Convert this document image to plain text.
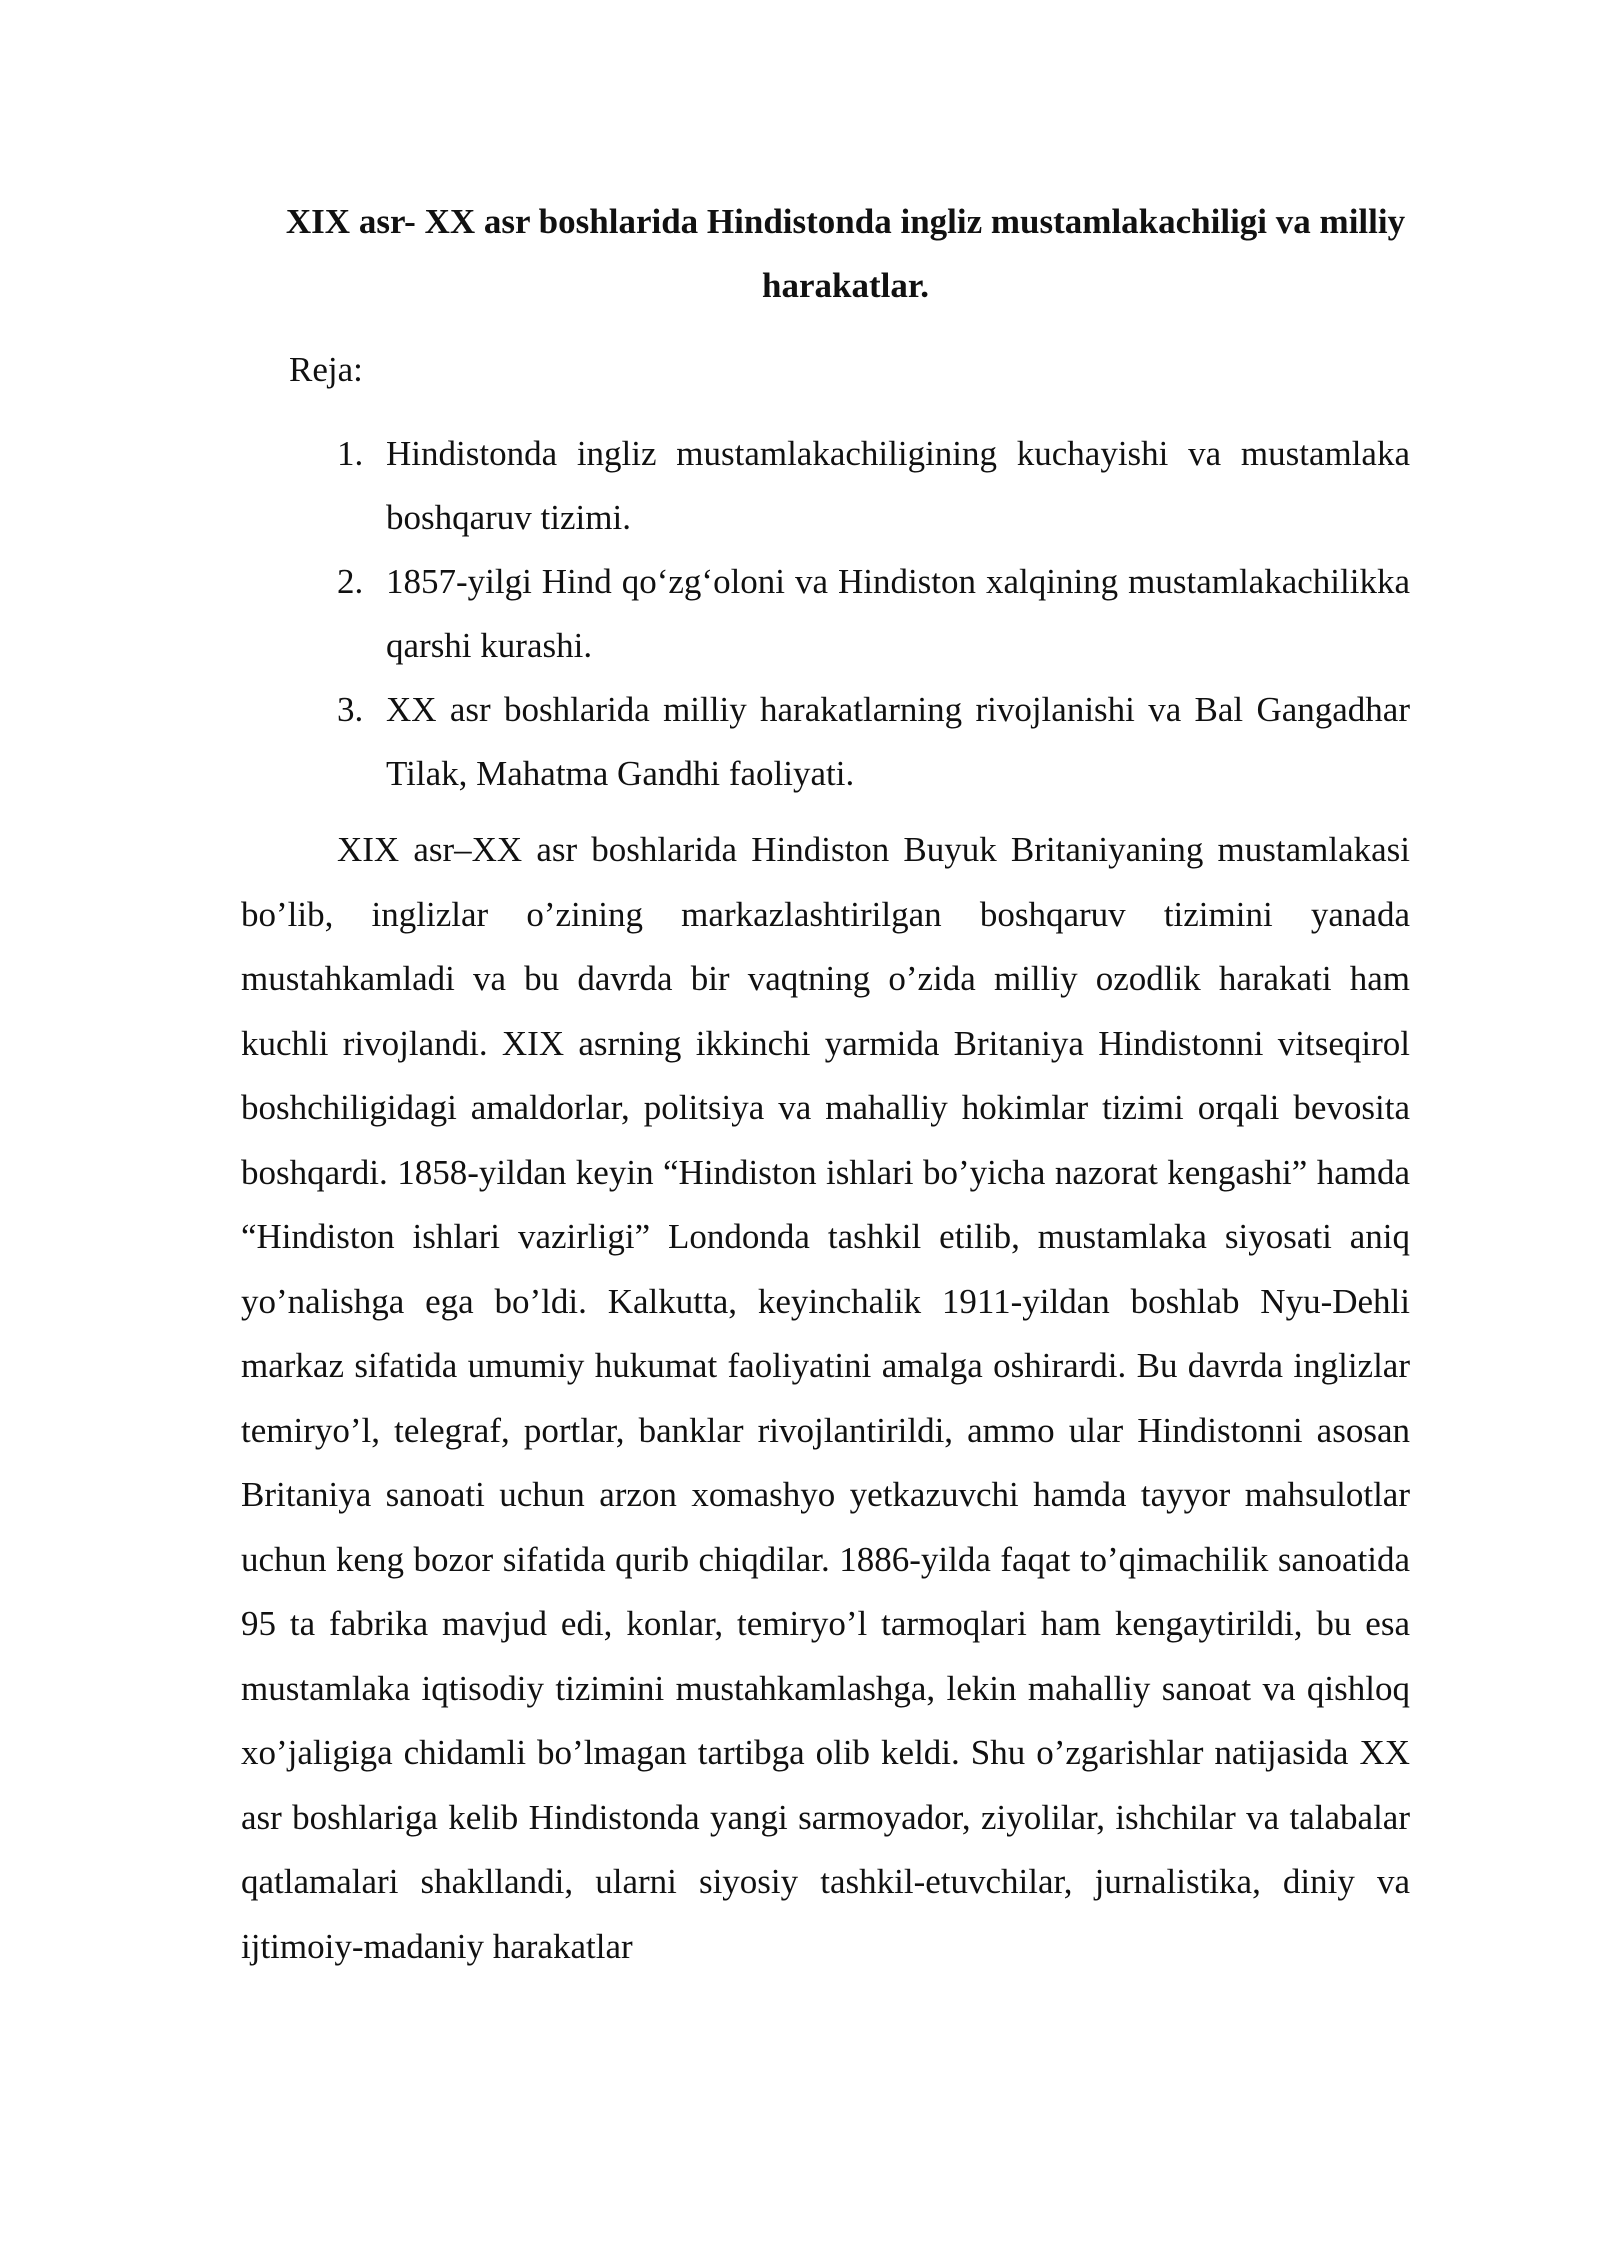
XIX asr- XX asr boshlarida Hindistonda ingliz mustamlakachiligi va milliy harakatlar.
Reja:
1. Hindistonda ingliz mustamlakachiligining kuchayishi va mustamlaka boshqaruv tizimi.
2. 1857-yilgi Hind qo‘zg‘oloni va Hindiston xalqining mustamlakachilikka qarshi kurashi.
3. XX asr boshlarida milliy harakatlarning rivojlanishi va Bal Gangadhar Tilak, Mahatma Gandhi faoliyati.

XIX asr–XX asr boshlarida Hindiston Buyuk Britaniyaning mustamlakasi bo’lib, inglizlar o’zining markazlashtirilgan boshqaruv tizimini yanada mustahkamladi va bu davrda bir vaqtning o’zida milliy ozodlik harakati ham kuchli rivojlandi. XIX asrning ikkinchi yarmida Britaniya Hindistonni vitseqirol boshchiligidagi amaldorlar, politsiya va mahalliy hokimlar tizimi orqali bevosita boshqardi. 1858-yildan keyin “Hindiston ishlari bo’yicha nazorat kengashi” hamda “Hindiston ishlari vazirligi” Londonda tashkil etilib, mustamlaka siyosati aniq yo’nalishga ega bo’ldi. Kalkutta, keyinchalik 1911-yildan boshlab Nyu-Dehli markaz sifatida umumiy hukumat faoliyatini amalga oshirardi. Bu davrda inglizlar temiryo’l, telegraf, portlar, banklar rivojlantirildi, ammo ular Hindistonni asosan Britaniya sanoati uchun arzon xomashyo yetkazuvchi hamda tayyor mahsulotlar uchun keng bozor sifatida qurib chiqdilar. 1886-yilda faqat to’qimachilik sanoatida 95 ta fabrika mavjud edi, konlar, temiryo’l tarmoqlari ham kengaytirildi, bu esa mustamlaka iqtisodiy tizimini mustahkamlashga, lekin mahalliy sanoat va qishloq xo’jaligiga chidamli bo’lmagan tartibga olib keldi. Shu o’zgarishlar natijasida XX asr boshlariga kelib Hindistonda yangi sarmoyador, ziyolilar, ishchilar va talabalar qatlamalari shakllandi, ularni siyosiy tashkil-etuvchilar, jurnalistika, diniy va ijtimoiy-madaniy harakatlar
